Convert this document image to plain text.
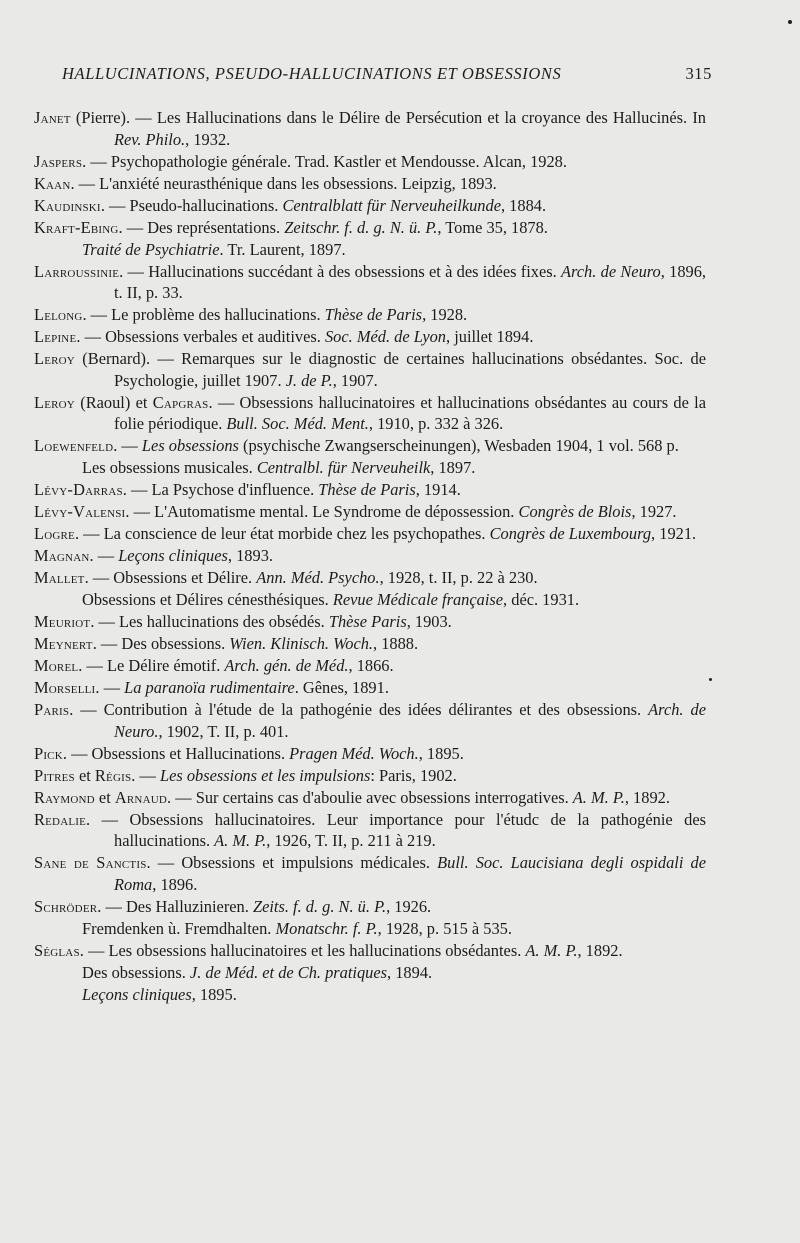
HALLUCINATIONS, PSEUDO-HALLUCINATIONS ET OBSESSIONS	315

Janet (Pierre). — Les Hallucinations dans le Délire de Persécution et la croyance des Hallucinés. In Rev. Philo., 1932.

Jaspers. — Psychopathologie générale. Trad. Kastler et Mendousse. Alcan, 1928.

Kaan. — L'anxiété neurasthénique dans les obsessions. Leipzig, 1893.

Kaudinski. — Pseudo-hallucinations. Centralblatt für Nerveuheilkunde, 1884.

Kraft-Ebing. — Des représentations. Zeitschr. f. d. g. N. ü. P., Tome 35, 1878.

Traité de Psychiatrie. Tr. Laurent, 1897.

Larroussinie. — Hallucinations succédant à des obsessions et à des idées fixes. Arch. de Neuro, 1896, t. II, p. 33.

Lelong. — Le problème des hallucinations. Thèse de Paris, 1928.

Lepine. — Obsessions verbales et auditives. Soc. Méd. de Lyon, juillet 1894.

Leroy (Bernard). — Remarques sur le diagnostic de certaines hallucinations obsédantes. Soc. de Psychologie, juillet 1907. J. de P., 1907.

Leroy (Raoul) et Capgras. — Obsessions hallucinatoires et hallucinations obsédantes au cours de la folie périodique. Bull. Soc. Méd. Ment., 1910, p. 332 à 326.

Loewenfeld. — Les obsessions (psychische Zwangserscheinungen), Wesbaden 1904, 1 vol. 568 p.

Les obsessions musicales. Centralbl. für Nerveuheilk, 1897.

Lévy-Darras. — La Psychose d'influence. Thèse de Paris, 1914.

Lévy-Valensi. — L'Automatisme mental. Le Syndrome de dépossession. Congrès de Blois, 1927.

Logre. — La conscience de leur état morbide chez les psychopathes. Congrès de Luxembourg, 1921.

Magnan. — Leçons cliniques, 1893.

Mallet. — Obsessions et Délire. Ann. Méd. Psycho., 1928, t. II, p. 22 à 230.

Obsessions et Délires cénesthésiques. Revue Médicale française, déc. 1931.

Meuriot. — Les hallucinations des obsédés. Thèse Paris, 1903.

Meynert. — Des obsessions. Wien. Klinisch. Woch., 1888.

Morel. — Le Délire émotif. Arch. gén. de Méd., 1866.

Morselli. — La paranoïa rudimentaire. Gênes, 1891.

Paris. — Contribution à l'étude de la pathogénie des idées délirantes et des obsessions. Arch. de Neuro., 1902, T. II, p. 401.

Pick. — Obsessions et Hallucinations. Pragen Méd. Woch., 1895.

Pitres et Régis. — Les obsessions et les impulsions: Paris, 1902.

Raymond et Arnaud. — Sur certains cas d'aboulie avec obsessions interrogatives. A. M. P., 1892.

Redalie. — Obsessions hallucinatoires. Leur importance pour l'étudc de la pathogénie des hallucinations. A. M. P., 1926, T. II, p. 211 à 219.

Sane de Sanctis. — Obsessions et impulsions médicales. Bull. Soc. Laucisiana degli ospidali de Roma, 1896.

Schröder. — Des Halluzinieren. Zeits. f. d. g. N. ü. P., 1926.

Fremdenken ù. Fremdhalten. Monatschr. f. P., 1928, p. 515 à 535.

Séglas. — Les obsessions hallucinatoires et les hallucinations obsédantes. A. M. P., 1892.

Des obsessions. J. de Méd. et de Ch. pratiques, 1894.

Leçons cliniques, 1895.
